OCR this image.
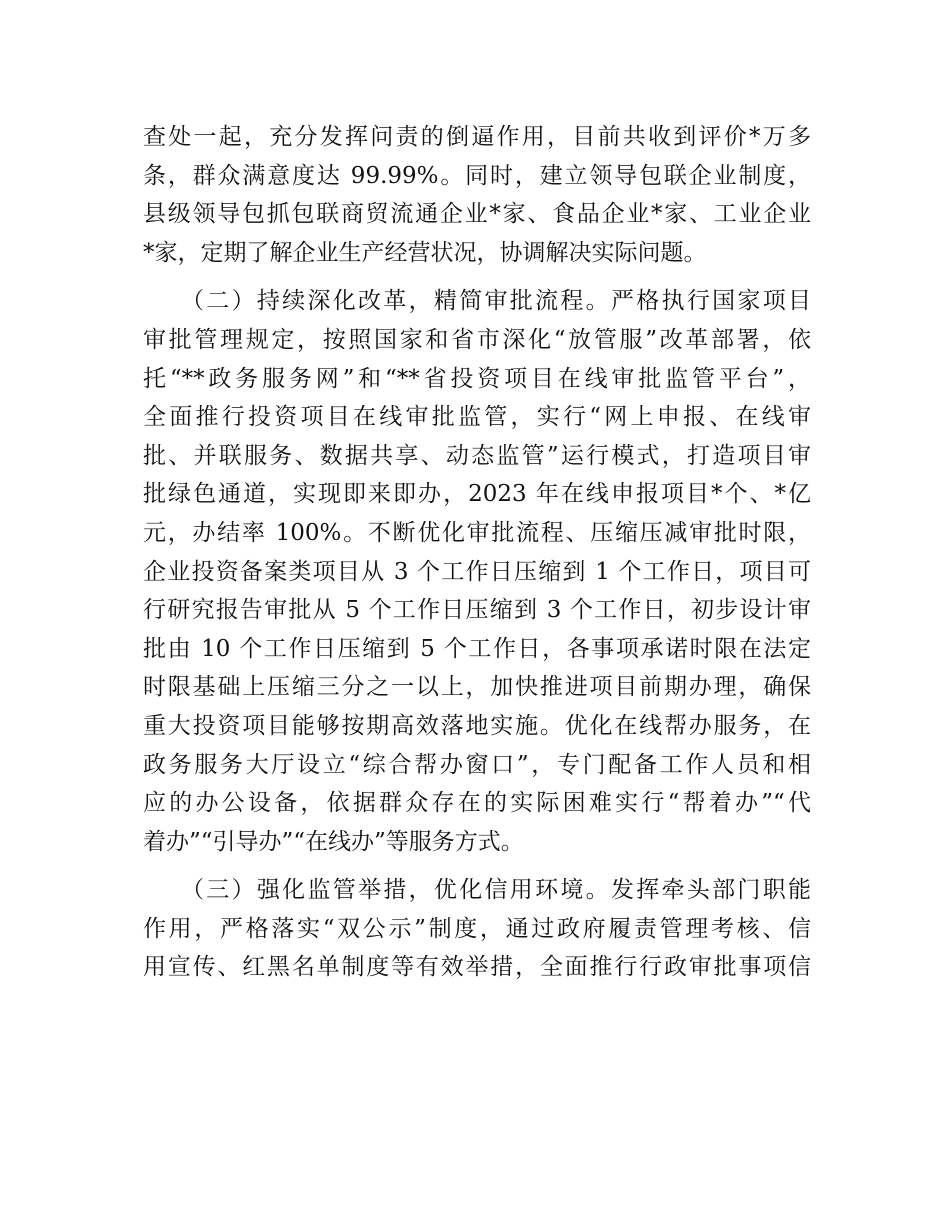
查处一起，充分发挥问责的倒逼作用，目前共收到评价*万多
条，群众满意度达 99.99%。同时，建立领导包联企业制度，
县级领导包抓包联商贸流通企业*家、食品企业*家、工业企业
*家，定期了解企业生产经营状况，协调解决实际问题。
（二）持续深化改革，精简审批流程。严格执行国家项目
审批管理规定，按照国家和省市深化“放管服”改革部署，依
托“**政务服务网”和“**省投资项目在线审批监管平台”，
全面推行投资项目在线审批监管，实行“网上申报、在线审
批、并联服务、数据共享、动态监管”运行模式，打造项目审
批绿色通道，实现即来即办，2023 年在线申报项目*个、*亿
元，办结率 100%。不断优化审批流程、压缩压减审批时限，
企业投资备案类项目从 3 个工作日压缩到 1 个工作日，项目可
行研究报告审批从 5 个工作日压缩到 3 个工作日，初步设计审
批由 10 个工作日压缩到 5 个工作日，各事项承诺时限在法定
时限基础上压缩三分之一以上，加快推进项目前期办理，确保
重大投资项目能够按期高效落地实施。优化在线帮办服务，在
政务服务大厅设立“综合帮办窗口”，专门配备工作人员和相
应的办公设备，依据群众存在的实际困难实行“帮着办”“代
着办”“引导办”“在线办”等服务方式。
（三）强化监管举措，优化信用环境。发挥牵头部门职能
作用，严格落实“双公示”制度，通过政府履责管理考核、信
用宣传、红黑名单制度等有效举措，全面推行行政审批事项信
